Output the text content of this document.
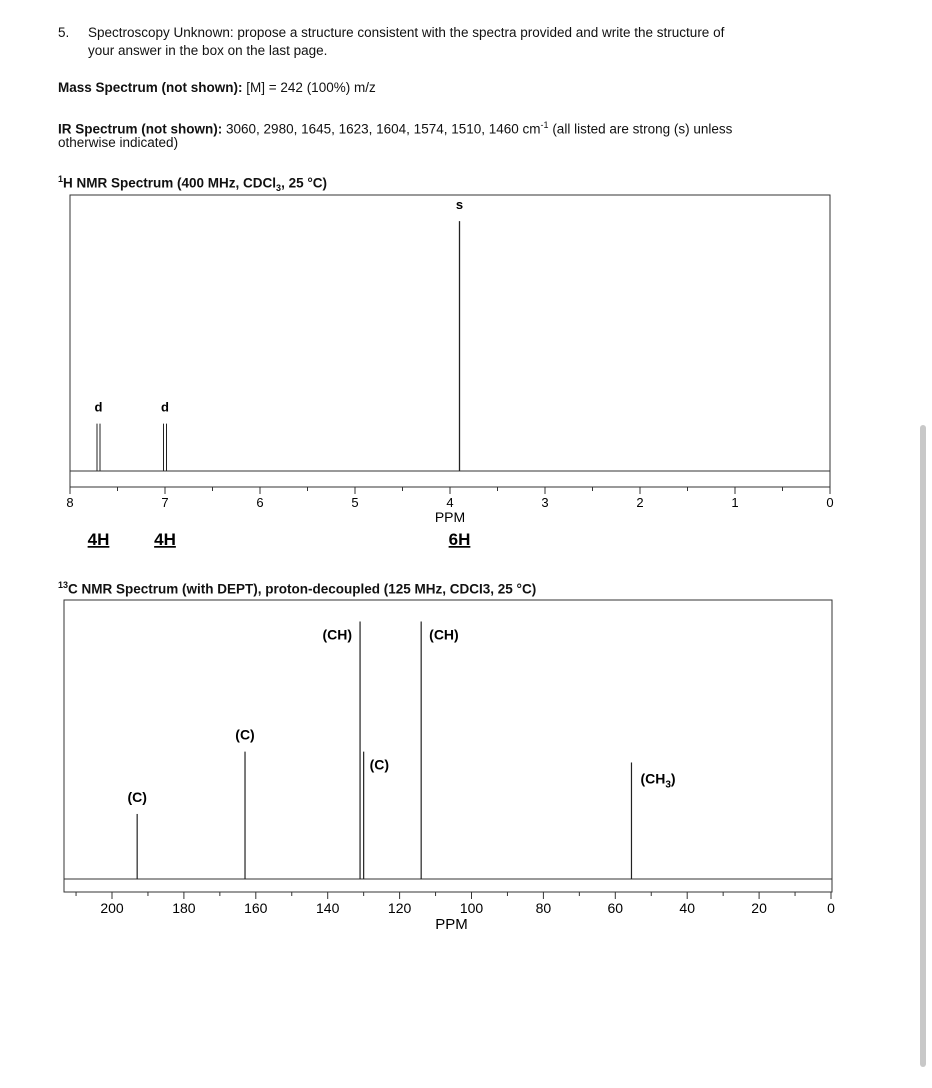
5. Spectroscopy Unknown: propose a structure consistent with the spectra provided and write the structure of
your answer in the box on the last page.
Mass Spectrum (not shown): [M] = 242 (100%) m/z
IR Spectrum (not shown): 3060, 2980, 1645, 1623, 1604, 1574, 1510, 1460 $cm^{-1}$ (all listed are strong (s) unless
otherwise indicated)
$^1$H NMR Spectrum (400 MHz, CDCl$_3$, 25 °C)
$^{13}$C NMR Spectrum (with DEPT), proton-decoupled (125 MHz, CDCI3, 25 °C)
8	7	6	5	4	3	2	1	0
PPM
d
4H
d
4H
s
6H
200	180	160	140	120	100	80	60	40	20	0
PPM
(C)
(C)
(CH)
(C)
(CH)
$(CH_3)$
